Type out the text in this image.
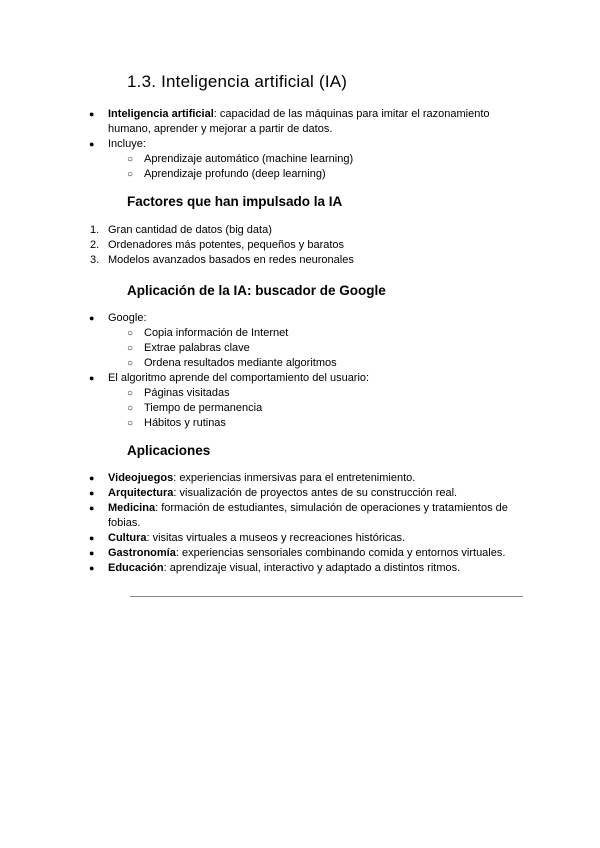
1.3. Inteligencia artificial (IA)
● Inteligencia artificial: capacidad de las máquinas para imitar el razonamiento
humano, aprender y mejorar a partir de datos.
● Incluye:
○ Aprendizaje automático (machine learning)
○ Aprendizaje profundo (deep learning)
Factores que han impulsado la IA
1. Gran cantidad de datos (big data)
2. Ordenadores más potentes, pequeños y baratos
3. Modelos avanzados basados en redes neuronales
Aplicación de la IA: buscador de Google
● Google:
○ Copia información de Internet
○ Extrae palabras clave
○ Ordena resultados mediante algoritmos
● El algoritmo aprende del comportamiento del usuario:
○ Páginas visitadas
○ Tiempo de permanencia
○ Hábitos y rutinas
Aplicaciones
● Videojuegos: experiencias inmersivas para el entretenimiento.
● Arquitectura: visualización de proyectos antes de su construcción real.
● Medicina: formación de estudiantes, simulación de operaciones y tratamientos de
fobias.
● Cultura: visitas virtuales a museos y recreaciones históricas.
● Gastronomía: experiencias sensoriales combinando comida y entornos virtuales.
● Educación: aprendizaje visual, interactivo y adaptado a distintos ritmos.
